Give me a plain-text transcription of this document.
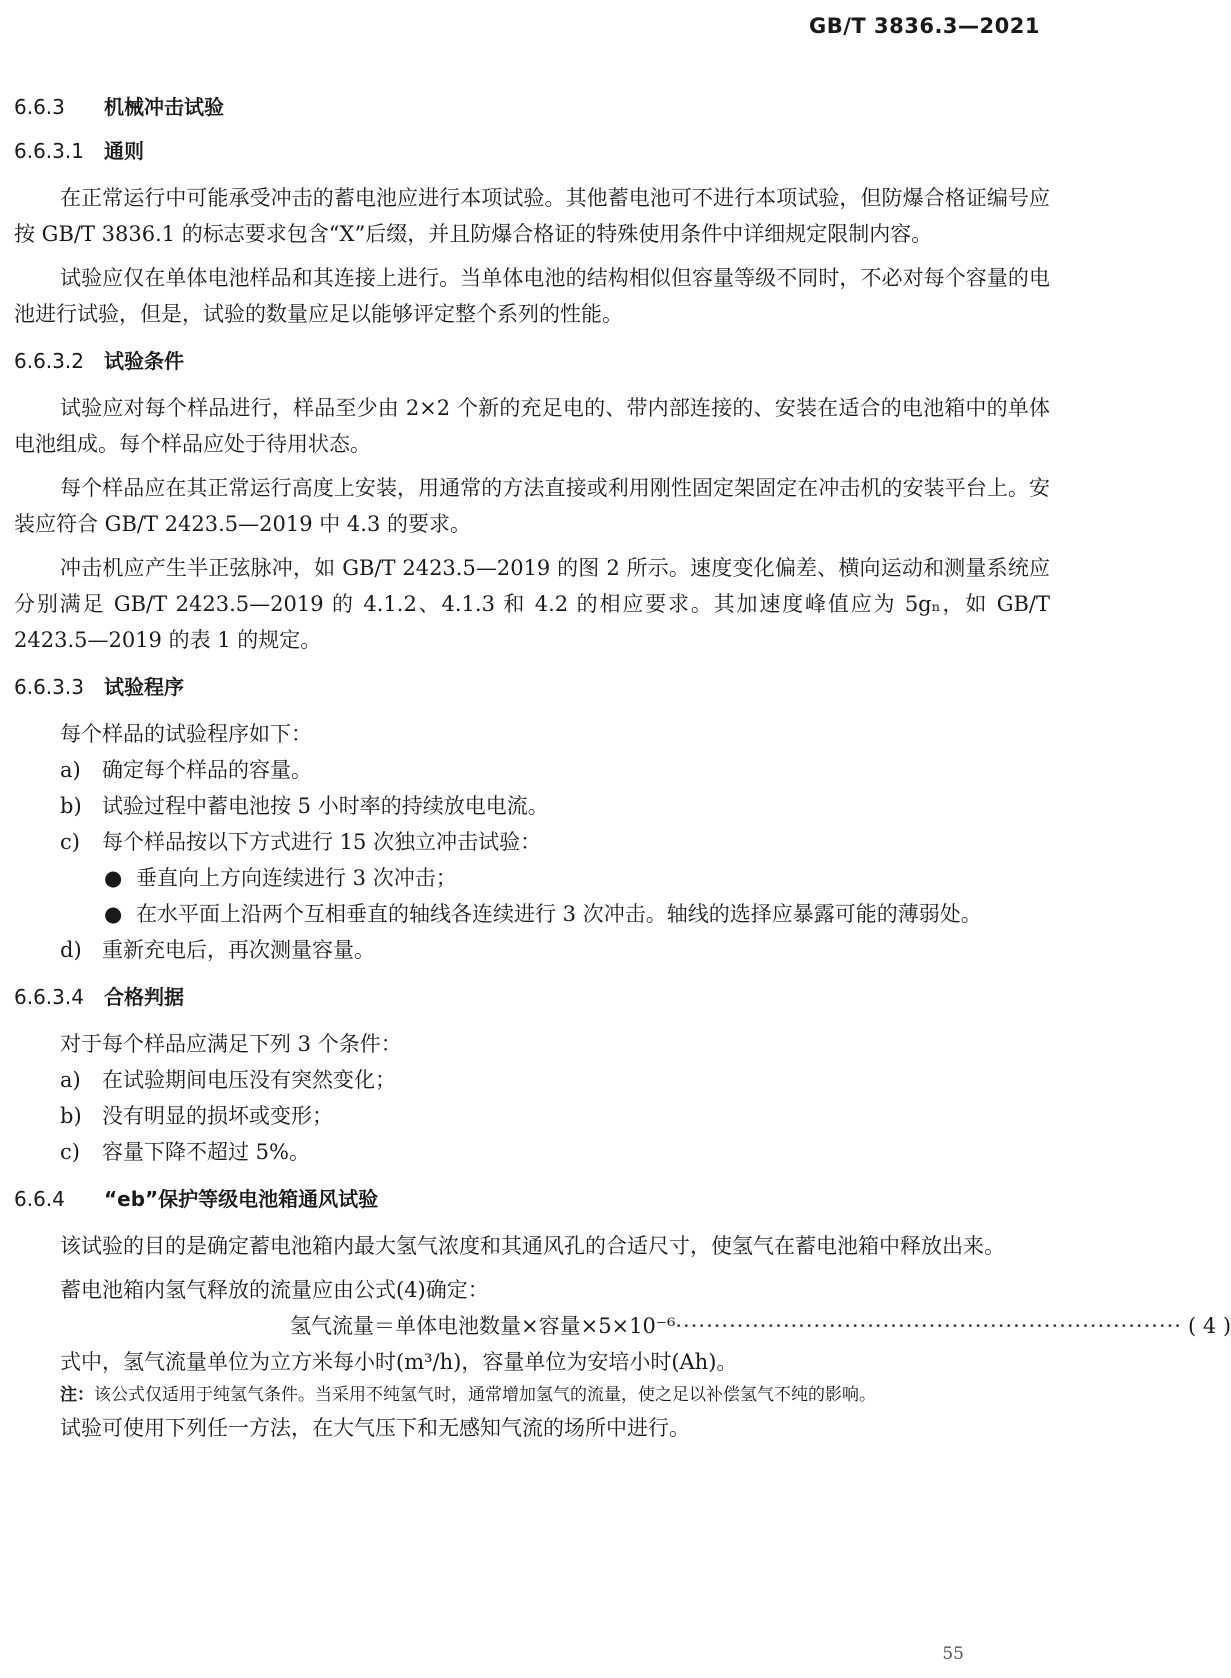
GB/T 3836.3—2021
6.6.3 机械冲击试验
6.6.3.1 通则

在正常运行中可能承受冲击的蓄电池应进行本项试验。其他蓄电池可不进行本项试验，但防爆合格证编号应按 GB/T 3836.1 的标志要求包含“X”后缀，并且防爆合格证的特殊使用条件中详细规定限制内容。

试验应仅在单体电池样品和其连接上进行。当单体电池的结构相似但容量等级不同时，不必对每个容量的电池进行试验，但是，试验的数量应足以能够评定整个系列的性能。

6.6.3.2 试验条件

试验应对每个样品进行，样品至少由 2×2 个新的充足电的、带内部连接的、安装在适合的电池箱中的单体电池组成。每个样品应处于待用状态。

每个样品应在其正常运行高度上安装，用通常的方法直接或利用刚性固定架固定在冲击机的安装平台上。安装应符合 GB/T 2423.5—2019 中 4.3 的要求。

冲击机应产生半正弦脉冲，如 GB/T 2423.5—2019 的图 2 所示。速度变化偏差、横向运动和测量系统应分别满足 GB/T 2423.5—2019 的 4.1.2、4.1.3 和 4.2 的相应要求。其加速度峰值应为 5gₙ，如 GB/T 2423.5—2019 的表 1 的规定。

6.6.3.3 试验程序
每个样品的试验程序如下：
a)	确定每个样品的容量。
b) 试验过程中蓄电池按 5 小时率的持续放电电流。
c)	每个样品按以下方式进行 15 次独立冲击试验：
● 垂直向上方向连续进行 3 次冲击；
● 在水平面上沿两个互相垂直的轴线各连续进行 3 次冲击。轴线的选择应暴露可能的薄弱处。
d) 重新充电后，再次测量容量。
6.6.3.4 合格判据
对于每个样品应满足下列 3 个条件：
a)	在试验期间电压没有突然变化；
b) 没有明显的损坏或变形；
c)	容量下降不超过 5%。
6.6.4 “eb”保护等级电池箱通风试验

该试验的目的是确定蓄电池箱内最大氢气浓度和其通风孔的合适尺寸，使氢气在蓄电池箱中释放出来。

蓄电池箱内氢气释放的流量应由公式(4)确定：
氢气流量＝单体电池数量×容量×5×10⁻⁶ ·································································· ( 4 )
式中，氢气流量单位为立方米每小时(m³/h)，容量单位为安培小时(Ah)。
注：该公式仅适用于纯氢气条件。当采用不纯氢气时，通常增加氢气的流量，使之足以补偿氢气不纯的影响。
试验可使用下列任一方法，在大气压下和无感知气流的场所中进行。
55
